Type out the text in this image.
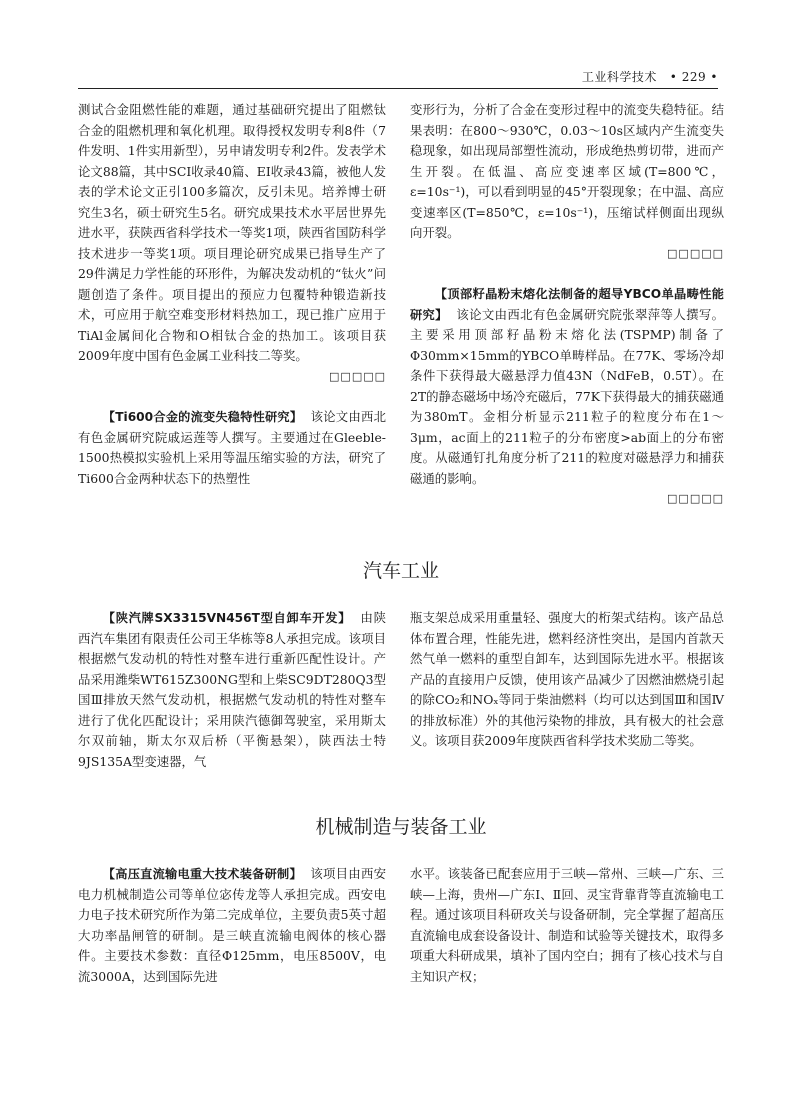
工业科学技术 • 229 •

测试合金阻燃性能的难题，通过基础研究提出了阻燃钛合金的阻燃机理和氧化机理。取得授权发明专利8件（7件发明、1件实用新型），另申请发明专利2件。发表学术论文88篇，其中SCI收录40篇、EI收录43篇，被他人发表的学术论文正引100多篇次，反引未见。培养博士研究生3名，硕士研究生5名。研究成果技术水平居世界先进水平，获陕西省科学技术一等奖1项，陕西省国防科学技术进步一等奖1项。项目理论研究成果已指导生产了29件满足力学性能的环形件，为解决发动机的“钛火”问题创造了条件。项目提出的预应力包覆特种锻造新技术，可应用于航空难变形材料热加工，现已推广应用于TiAl金属间化合物和O相钛合金的热加工。该项目获2009年度中国有色金属工业科技二等奖。

□□□□□

【Ti600合金的流变失稳特性研究】 该论文由西北有色金属研究院戚运莲等人撰写。主要通过在Gleeble-1500热模拟实验机上采用等温压缩实验的方法，研究了Ti600合金两种状态下的热塑性

变形行为，分析了合金在变形过程中的流变失稳特征。结果表明：在800～930℃，0.03～10s区域内产生流变失稳现象，如出现局部塑性流动，形成绝热剪切带，进而产生开裂。在低温、高应变速率区域(T=800℃，ε=10s⁻¹)，可以看到明显的45°开裂现象；在中温、高应变速率区(T=850℃，ε=10s⁻¹)，压缩试样侧面出现纵向开裂。

□□□□□

【顶部籽晶粉末熔化法制备的超导YBCO单晶畴性能研究】 该论文由西北有色金属研究院张翠萍等人撰写。主要采用顶部籽晶粉末熔化法(TSPMP)制备了Φ30mm×15mm的YBCO单畴样品。在77K、零场冷却条件下获得最大磁悬浮力值43N（NdFeB，0.5T）。在2T的静态磁场中场冷充磁后，77K下获得最大的捕获磁通为380mT。金相分析显示211粒子的粒度分布在1～3μm，ac面上的211粒子的分布密度>ab面上的分布密度。从磁通钉扎角度分析了211的粒度对磁悬浮力和捕获磁通的影响。

□□□□□

汽车工业

【陕汽牌SX3315VN456T型自卸车开发】 由陕西汽车集团有限责任公司王华栋等8人承担完成。该项目根据燃气发动机的特性对整车进行重新匹配性设计。产品采用潍柴WT615Z300NG型和上柴SC9DT280Q3型国Ⅲ排放天然气发动机，根据燃气发动机的特性对整车进行了优化匹配设计；采用陕汽德御驾驶室，采用斯太尔双前轴，斯太尔双后桥（平衡悬架），陕西法士特9JS135A型变速器，气

瓶支架总成采用重量轻、强度大的桁架式结构。该产品总体布置合理，性能先进，燃料经济性突出，是国内首款天然气单一燃料的重型自卸车，达到国际先进水平。根据该产品的直接用户反馈，使用该产品减少了因燃油燃烧引起的除CO₂和NOₓ等同于柴油燃料（均可以达到国Ⅲ和国Ⅳ的排放标准）外的其他污染物的排放，具有极大的社会意义。该项目获2009年度陕西省科学技术奖励二等奖。

机械制造与装备工业

【高压直流输电重大技术装备研制】 该项目由西安电力机械制造公司等单位宓传龙等人承担完成。西安电力电子技术研究所作为第二完成单位，主要负责5英寸超大功率晶闸管的研制。是三峡直流输电阀体的核心器件。主要技术参数：直径Φ125mm，电压8500V，电流3000A，达到国际先进

水平。该装备已配套应用于三峡—常州、三峡—广东、三峡—上海，贵州—广东Ⅰ、Ⅱ回、灵宝背靠背等直流输电工程。通过该项目科研攻关与设备研制，完全掌握了超高压直流输电成套设备设计、制造和试验等关键技术，取得多项重大科研成果，填补了国内空白；拥有了核心技术与自主知识产权；
